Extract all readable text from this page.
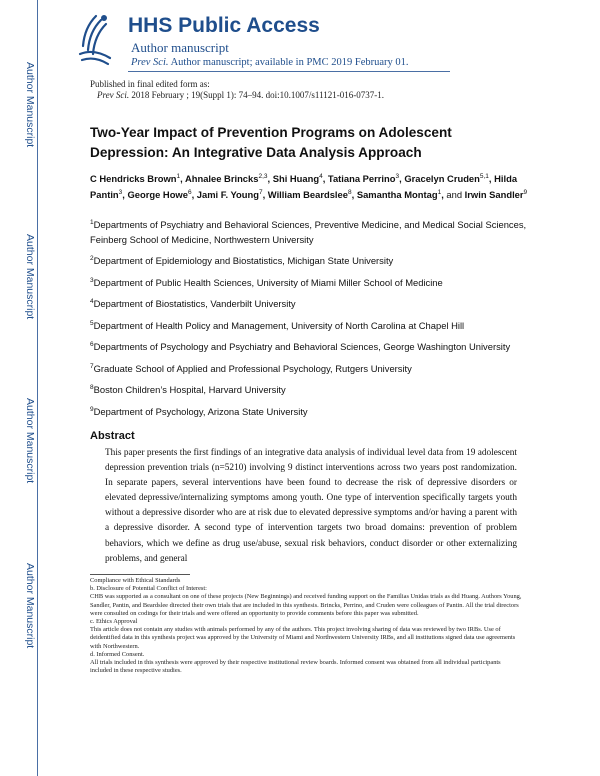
Author Manuscript
Author Manuscript
Author Manuscript
Author Manuscript
HHS Public Access
Author manuscript
Prev Sci. Author manuscript; available in PMC 2019 February 01.
Published in final edited form as:
Prev Sci. 2018 February ; 19(Suppl 1): 74–94. doi:10.1007/s11121-016-0737-1.
Two-Year Impact of Prevention Programs on Adolescent Depression: An Integrative Data Analysis Approach
C Hendricks Brown$^1$, Ahnalee Brincks$^{2,3}$, Shi Huang$^4$, Tatiana Perrino$^3$, Gracelyn Cruden$^{5,1}$, Hilda Pantin$^3$, George Howe$^6$, Jami F. Young$^7$, William Beardslee$^8$, Samantha Montag$^1$, and Irwin Sandler$^9$

$^1$Departments of Psychiatry and Behavioral Sciences, Preventive Medicine, and Medical Social Sciences, Feinberg School of Medicine, Northwestern University

$^2$Department of Epidemiology and Biostatistics, Michigan State University

$^3$Department of Public Health Sciences, University of Miami Miller School of Medicine

$^4$Department of Biostatistics, Vanderbilt University

$^5$Department of Health Policy and Management, University of North Carolina at Chapel Hill

$^6$Departments of Psychology and Psychiatry and Behavioral Sciences, George Washington University

$^7$Graduate School of Applied and Professional Psychology, Rutgers University

$^8$Boston Children’s Hospital, Harvard University

$^9$Department of Psychology, Arizona State University

Abstract
This paper presents the first findings of an integrative data analysis of individual level data from 19 adolescent depression prevention trials (n=5210) involving 9 distinct interventions across two years post randomization. In separate papers, several interventions have been found to decrease the risk of depressive disorders or elevated depressive/internalizing symptoms among youth. One type of intervention specifically targets youth without a depressive disorder who are at risk due to elevated depressive symptoms and/or having a parent with a depressive disorder. A second type of intervention targets two broad domains: prevention of problem behaviors, which we define as drug use/abuse, sexual risk behaviors, conduct disorder or other externalizing problems, and general

Compliance with Ethical Standards

b. Disclosure of Potential Conflict of Interest:

CHB was supported as a consultant on one of these projects (New Beginnings) and received funding support on the Familias Unidas trials as did Huang. Authors Young, Sandler, Pantin, and Beardslee directed their own trials that are included in this synthesis. Brincks, Perrino, and Cruden were colleagues of Pantin. All the trial directors were consulted on codings for their trials and were offered an opportunity to provide comments before this paper was submitted.

c. Ethics Approval

This article does not contain any studies with animals performed by any of the authors. This project involving sharing of data was reviewed by two IRBs. Use of deidentified data in this synthesis project was approved by the University of Miami and Northwestern University IRBs, and all institutions signed data use agreements with Northwestern.

d. Informed Consent.

All trials included in this synthesis were approved by their respective institutional review boards. Informed consent was obtained from all individual participants included in these respective studies.
